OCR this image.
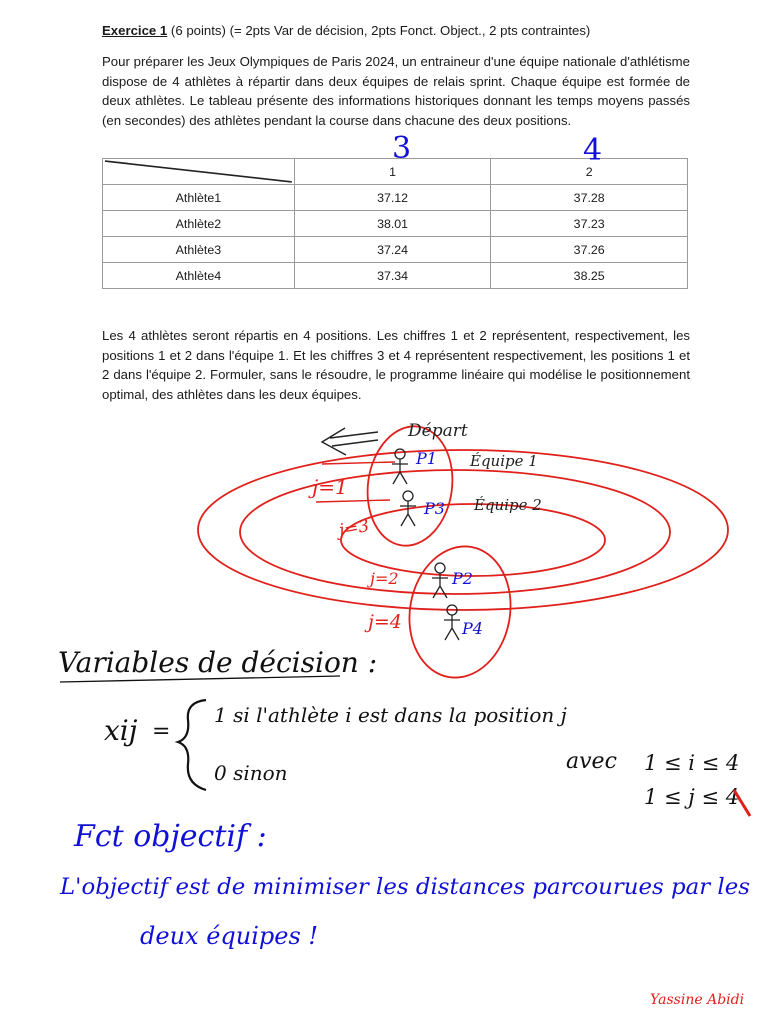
Exercice 1 (6 points) (= 2pts Var de décision, 2pts Fonct. Object., 2 pts contraintes)
Pour préparer les Jeux Olympiques de Paris 2024, un entraineur d'une équipe nationale d'athlétisme dispose de 4 athlètes à répartir dans deux équipes de relais sprint. Chaque équipe est formée de deux athlètes. Le tableau présente des informations historiques donnant les temps moyens passés (en secondes) des athlètes pendant la course dans chacune des deux positions.
	1	2
Athlète1	37.12	37.28
Athlète2	38.01	37.23
Athlète3	37.24	37.26
Athlète4	37.34	38.25
Les 4 athlètes seront répartis en 4 positions. Les chiffres 1 et 2 représentent, respectivement, les positions 1 et 2 dans l'équipe 1. Et les chiffres 3 et 4 représentent respectivement, les positions 1 et 2 dans l'équipe 2. Formuler, sans le résoudre, le programme linéaire qui modélise le positionnement optimal, des athlètes dans les deux équipes.
3	4
Départ
Équipe 1
Équipe 2
P1
P3
P2
P4
j=1
j=3
j=2
j=4
Variables de décision :
xij =
1 si l'athlète i est dans la position j
0 sinon	avec 1 ≤ i ≤ 4
1 ≤ j ≤ 4
Fct objectif :
L'objectif est de minimiser les distances parcourues par les
deux équipes !
Yassine Abidi
